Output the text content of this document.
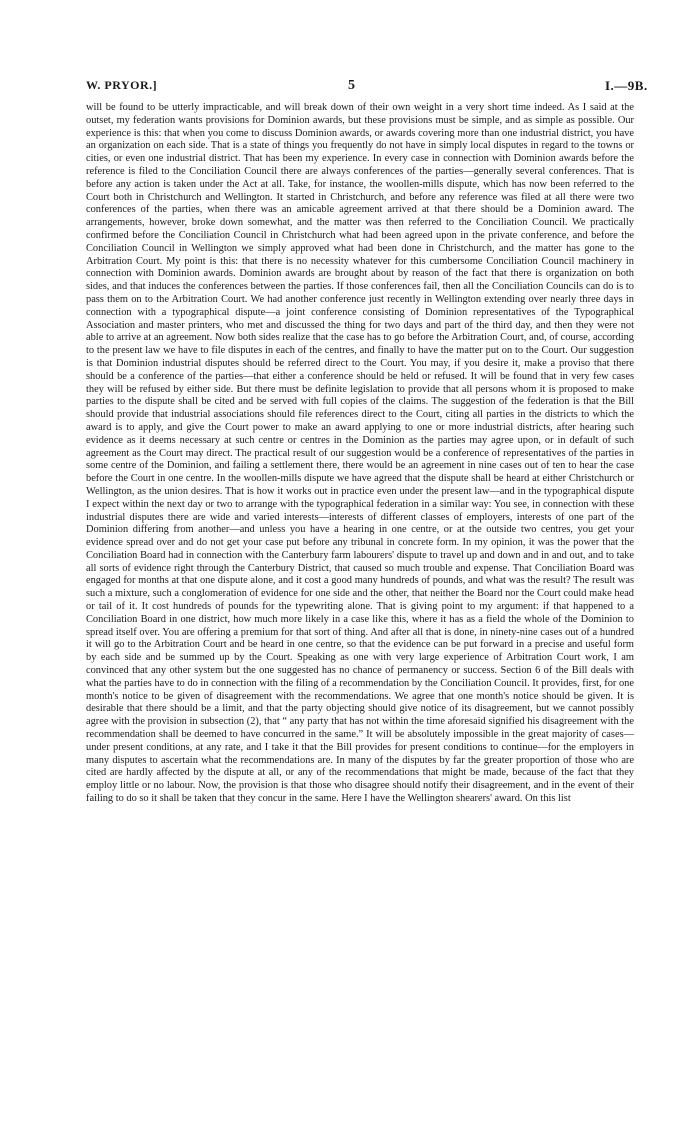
W. PRYOR.]	5	I.—9B.
will be found to be utterly impracticable, and will break down of their own weight in a very short time indeed. As I said at the outset, my federation wants provisions for Dominion awards, but these provisions must be simple, and as simple as possible. Our experience is this: that when you come to discuss Dominion awards, or awards covering more than one industrial district, you have an organization on each side. That is a state of things you frequently do not have in simply local disputes in regard to the towns or cities, or even one industrial district. That has been my experience. In every case in connection with Dominion awards before the reference is filed to the Conciliation Council there are always conferences of the parties—generally several conferences. That is before any action is taken under the Act at all. Take, for instance, the woollen-mills dispute, which has now been referred to the Court both in Christchurch and Wellington. It started in Christchurch, and before any reference was filed at all there were two conferences of the parties, when there was an amicable agreement arrived at that there should be a Dominion award. The arrangements, however, broke down somewhat, and the matter was then referred to the Conciliation Council. We practically confirmed before the Conciliation Council in Christchurch what had been agreed upon in the private conference, and before the Conciliation Council in Wellington we simply approved what had been done in Christchurch, and the matter has gone to the Arbitration Court. My point is this: that there is no necessity whatever for this cumbersome Conciliation Council machinery in connection with Dominion awards. Dominion awards are brought about by reason of the fact that there is organization on both sides, and that induces the conferences between the parties. If those conferences fail, then all the Conciliation Councils can do is to pass them on to the Arbitration Court. We had another conference just recently in Wellington extending over nearly three days in connection with a typographical dispute—a joint conference consisting of Dominion representatives of the Typographical Association and master printers, who met and discussed the thing for two days and part of the third day, and then they were not able to arrive at an agreement. Now both sides realize that the case has to go before the Arbitration Court, and, of course, according to the present law we have to file disputes in each of the centres, and finally to have the matter put on to the Court. Our suggestion is that Dominion industrial disputes should be referred direct to the Court. You may, if you desire it, make a proviso that there should be a conference of the parties—that either a conference should be held or refused. It will be found that in very few cases they will be refused by either side. But there must be definite legislation to provide that all persons whom it is proposed to make parties to the dispute shall be cited and be served with full copies of the claims. The suggestion of the federation is that the Bill should provide that industrial associations should file references direct to the Court, citing all parties in the districts to which the award is to apply, and give the Court power to make an award applying to one or more industrial districts, after hearing such evidence as it deems necessary at such centre or centres in the Dominion as the parties may agree upon, or in default of such agreement as the Court may direct. The practical result of our suggestion would be a conference of representatives of the parties in some centre of the Dominion, and failing a settlement there, there would be an agreement in nine cases out of ten to hear the case before the Court in one centre. In the woollen-mills dispute we have agreed that the dispute shall be heard at either Christchurch or Wellington, as the union desires. That is how it works out in practice even under the present law—and in the typographical dispute I expect within the next day or two to arrange with the typographical federation in a similar way: You see, in connection with these industrial disputes there are wide and varied interests—interests of different classes of employers, interests of one part of the Dominion differing from another—and unless you have a hearing in one centre, or at the outside two centres, you get your evidence spread over and do not get your case put before any tribunal in concrete form. In my opinion, it was the power that the Conciliation Board had in connection with the Canterbury farm labourers' dispute to travel up and down and in and out, and to take all sorts of evidence right through the Canterbury District, that caused so much trouble and expense. That Conciliation Board was engaged for months at that one dispute alone, and it cost a good many hundreds of pounds, and what was the result? The result was such a mixture, such a conglomeration of evidence for one side and the other, that neither the Board nor the Court could make head or tail of it. It cost hundreds of pounds for the typewriting alone. That is giving point to my argument: if that happened to a Conciliation Board in one district, how much more likely in a case like this, where it has as a field the whole of the Dominion to spread itself over. You are offering a premium for that sort of thing. And after all that is done, in ninety-nine cases out of a hundred it will go to the Arbitration Court and be heard in one centre, so that the evidence can be put forward in a precise and useful form by each side and be summed up by the Court. Speaking as one with very large experience of Arbitration Court work, I am convinced that any other system but the one suggested has no chance of permanency or success. Section 6 of the Bill deals with what the parties have to do in connection with the filing of a recommendation by the Conciliation Council. It provides, first, for one month's notice to be given of disagreement with the recommendations. We agree that one month's notice should be given. It is desirable that there should be a limit, and that the party objecting should give notice of its disagreement, but we cannot possibly agree with the provision in subsection (2), that “ any party that has not within the time aforesaid signified his disagreement with the recommendation shall be deemed to have concurred in the same.” It will be absolutely impossible in the great majority of cases—under present conditions, at any rate, and I take it that the Bill provides for present conditions to continue—for the employers in many disputes to ascertain what the recommendations are. In many of the disputes by far the greater proportion of those who are cited are hardly affected by the dispute at all, or any of the recommendations that might be made, because of the fact that they employ little or no labour. Now, the provision is that those who disagree should notify their disagreement, and in the event of their failing to do so it shall be taken that they concur in the same. Here I have the Wellington shearers' award. On this list
